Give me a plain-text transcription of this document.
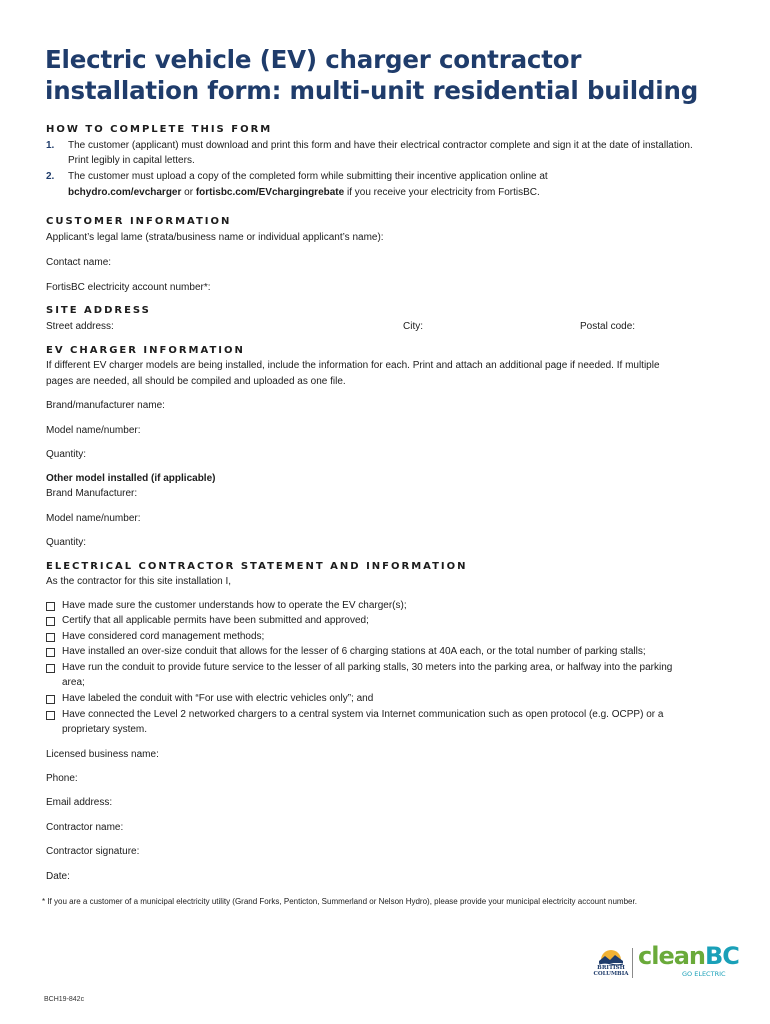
Electric vehicle (EV) charger contractor
installation form: multi-unit residential building
HOW TO COMPLETE THIS FORM
1. The customer (applicant) must download and print this form and have their electrical contractor complete and sign it at the date of installation.
Print legibly in capital letters.
2. The customer must upload a copy of the completed form while submitting their incentive application online at
bchydro.com/evcharger or fortisbc.com/EVchargingrebate if you receive your electricity from FortisBC.
CUSTOMER INFORMATION
Applicant’s legal lame (strata/business name or individual applicant’s name):
Contact name:
FortisBC electricity account number*:
SITE ADDRESS
Street address:	City:	Postal code:
EV CHARGER INFORMATION
If different EV charger models are being installed, include the information for each. Print and attach an additional page if needed. If multiple
pages are needed, all should be compiled and uploaded as one file.
Brand/manufacturer name:
Model name/number:
Quantity:
Other model installed (if applicable)
Brand Manufacturer:
Model name/number:
Quantity:
ELECTRICAL CONTRACTOR STATEMENT AND INFORMATION
As the contractor for this site installation I,
Have made sure the customer understands how to operate the EV charger(s);
Certify that all applicable permits have been submitted and approved;
Have considered cord management methods;
Have installed an over-size conduit that allows for the lesser of 6 charging stations at 40A each, or the total number of parking stalls;
Have run the conduit to provide future service to the lesser of all parking stalls, 30 meters into the parking area, or halfway into the parking
area;
Have labeled the conduit with “For use with electric vehicles only”; and
Have connected the Level 2 networked chargers to a central system via Internet communication such as open protocol (e.g. OCPP) or a
proprietary system.
Licensed business name:
Phone:
Email address:
Contractor name:
Contractor signature:
Date:
* If you are a customer of a municipal electricity utility (Grand Forks, Penticton, Summerland or Nelson Hydro), please provide your municipal electricity account number.
BRITISH
COLUMBIA
cleanBC
GO ELECTRIC
BCH19-842c
